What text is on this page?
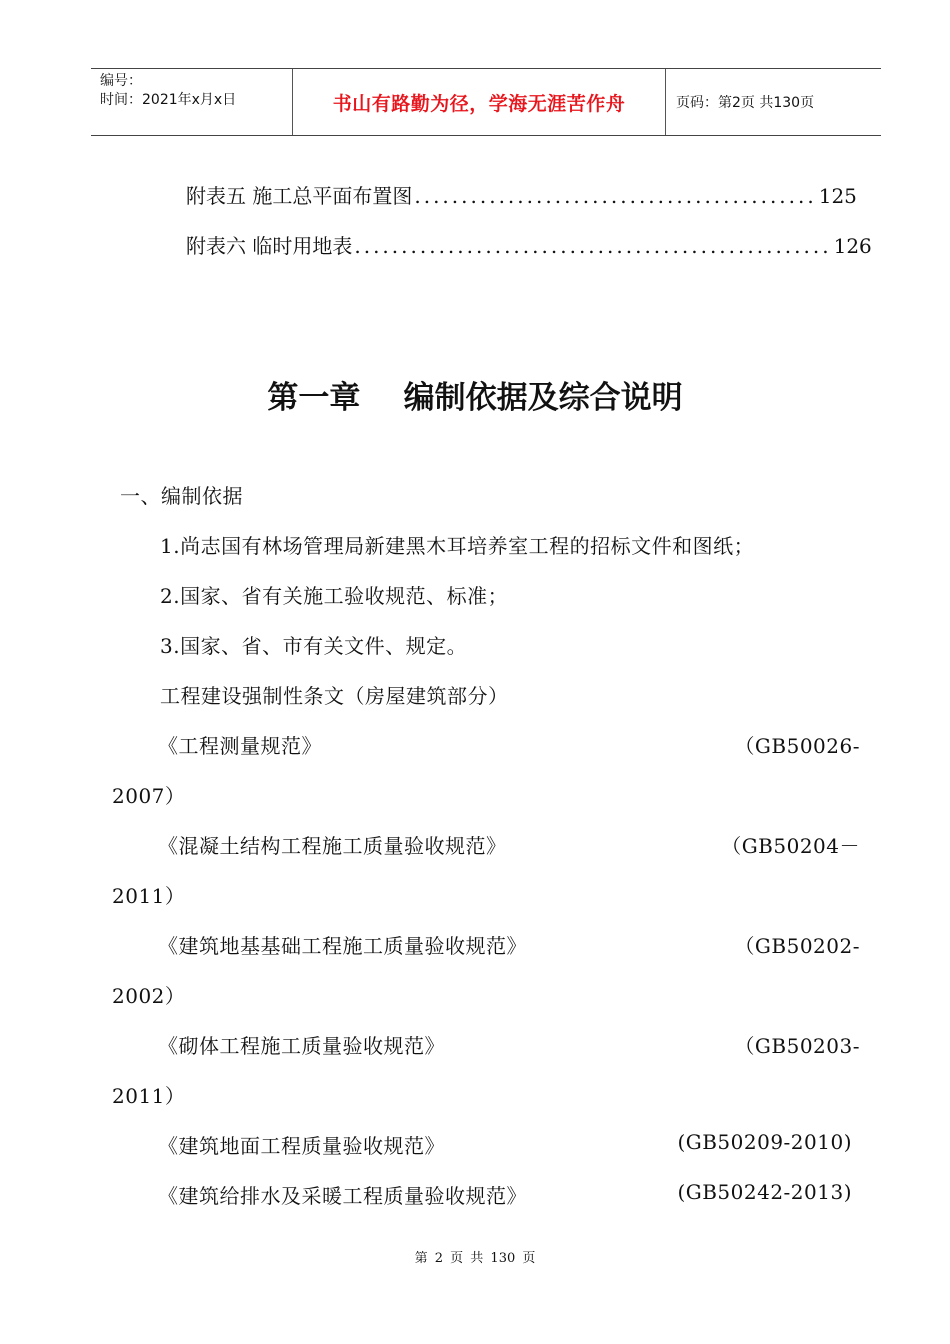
编号：
时间：2021年x月x日	书山有路勤为径，学海无涯苦作舟	页码：第2页 共130页
附表五 施工总平面布置图 ........................................... 125
附表六 临时用地表 ................................................... 126
第一章    编制依据及综合说明
一、编制依据
1.尚志国有林场管理局新建黑木耳培养室工程的招标文件和图纸；
2.国家、省有关施工验收规范、标准；
3.国家、省、市有关文件、规定。
工程建设强制性条文（房屋建筑部分）
《工程测量规范》	（GB50026-
2007）
《混凝土结构工程施工质量验收规范》	（GB50204－
2011）
《建筑地基基础工程施工质量验收规范》	（GB50202-
2002）
《砌体工程施工质量验收规范》	（GB50203-
2011）
《建筑地面工程质量验收规范》	(GB50209-2010)
《建筑给排水及采暖工程质量验收规范》	(GB50242-2013)
第 2 页 共 130 页
